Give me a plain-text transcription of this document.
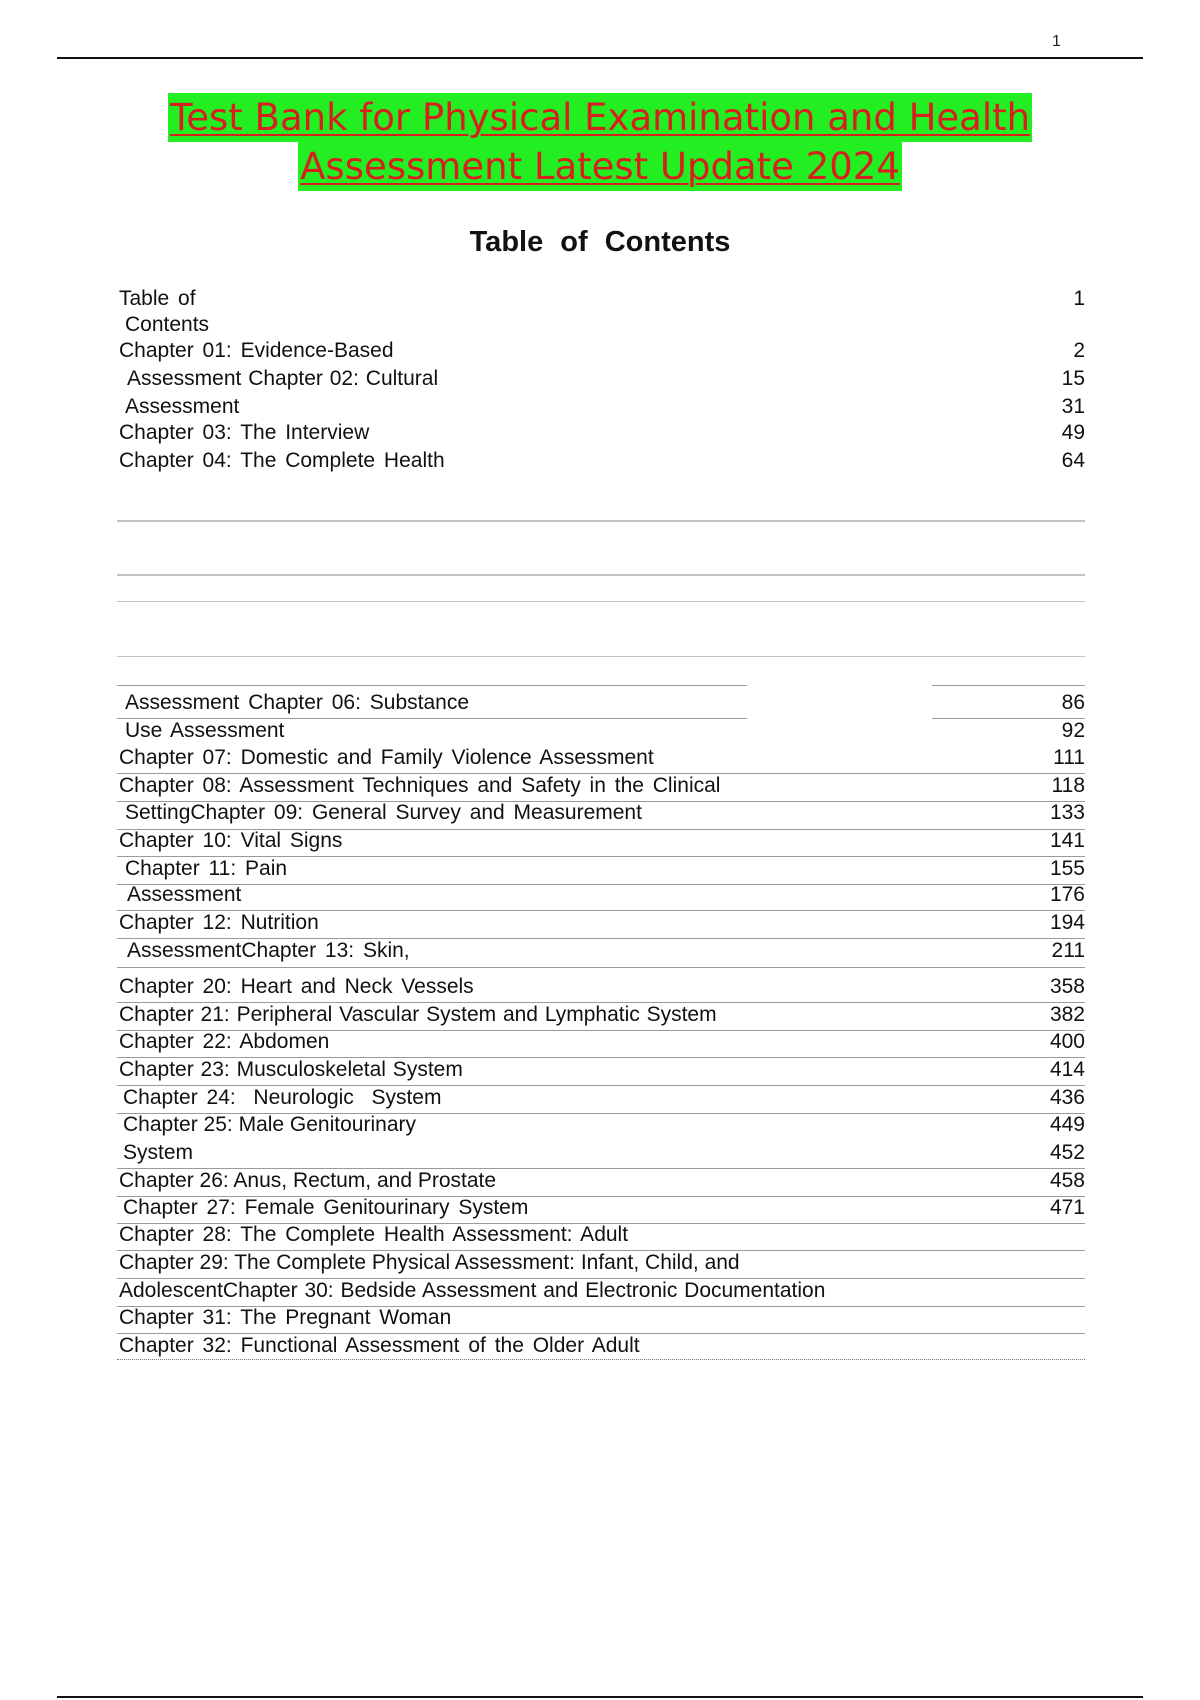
1
Test Bank for Physical Examination and Health
Assessment Latest Update 2024
Table of Contents
Table of	1
Contents
Chapter 01: Evidence-Based	2
Assessment Chapter 02: Cultural	15
Assessment	31
Chapter 03: The Interview	49
Chapter 04: The Complete Health	64
Assessment Chapter 06: Substance	86
Use Assessment	92
Chapter 07: Domestic and Family Violence Assessment	111
Chapter 08: Assessment Techniques and Safety in the Clinical	118
SettingChapter 09: General Survey and Measurement	133
Chapter 10: Vital Signs	141
Chapter 11: Pain	155
Assessment	176
Chapter 12: Nutrition	194
AssessmentChapter 13: Skin,	211
Chapter 20: Heart and Neck Vessels	358
Chapter 21: Peripheral Vascular System and Lymphatic System	382
Chapter 22: Abdomen	400
Chapter 23: Musculoskeletal System	414
Chapter 24:  Neurologic  System	436
Chapter 25: Male Genitourinary	449
System	452
Chapter 26: Anus, Rectum, and Prostate	458
Chapter 27: Female Genitourinary System	471
Chapter 28: The Complete Health Assessment: Adult
Chapter 29: The Complete Physical Assessment: Infant, Child, and
AdolescentChapter 30: Bedside Assessment and Electronic Documentation
Chapter 31: The Pregnant Woman
Chapter 32: Functional Assessment of the Older Adult
